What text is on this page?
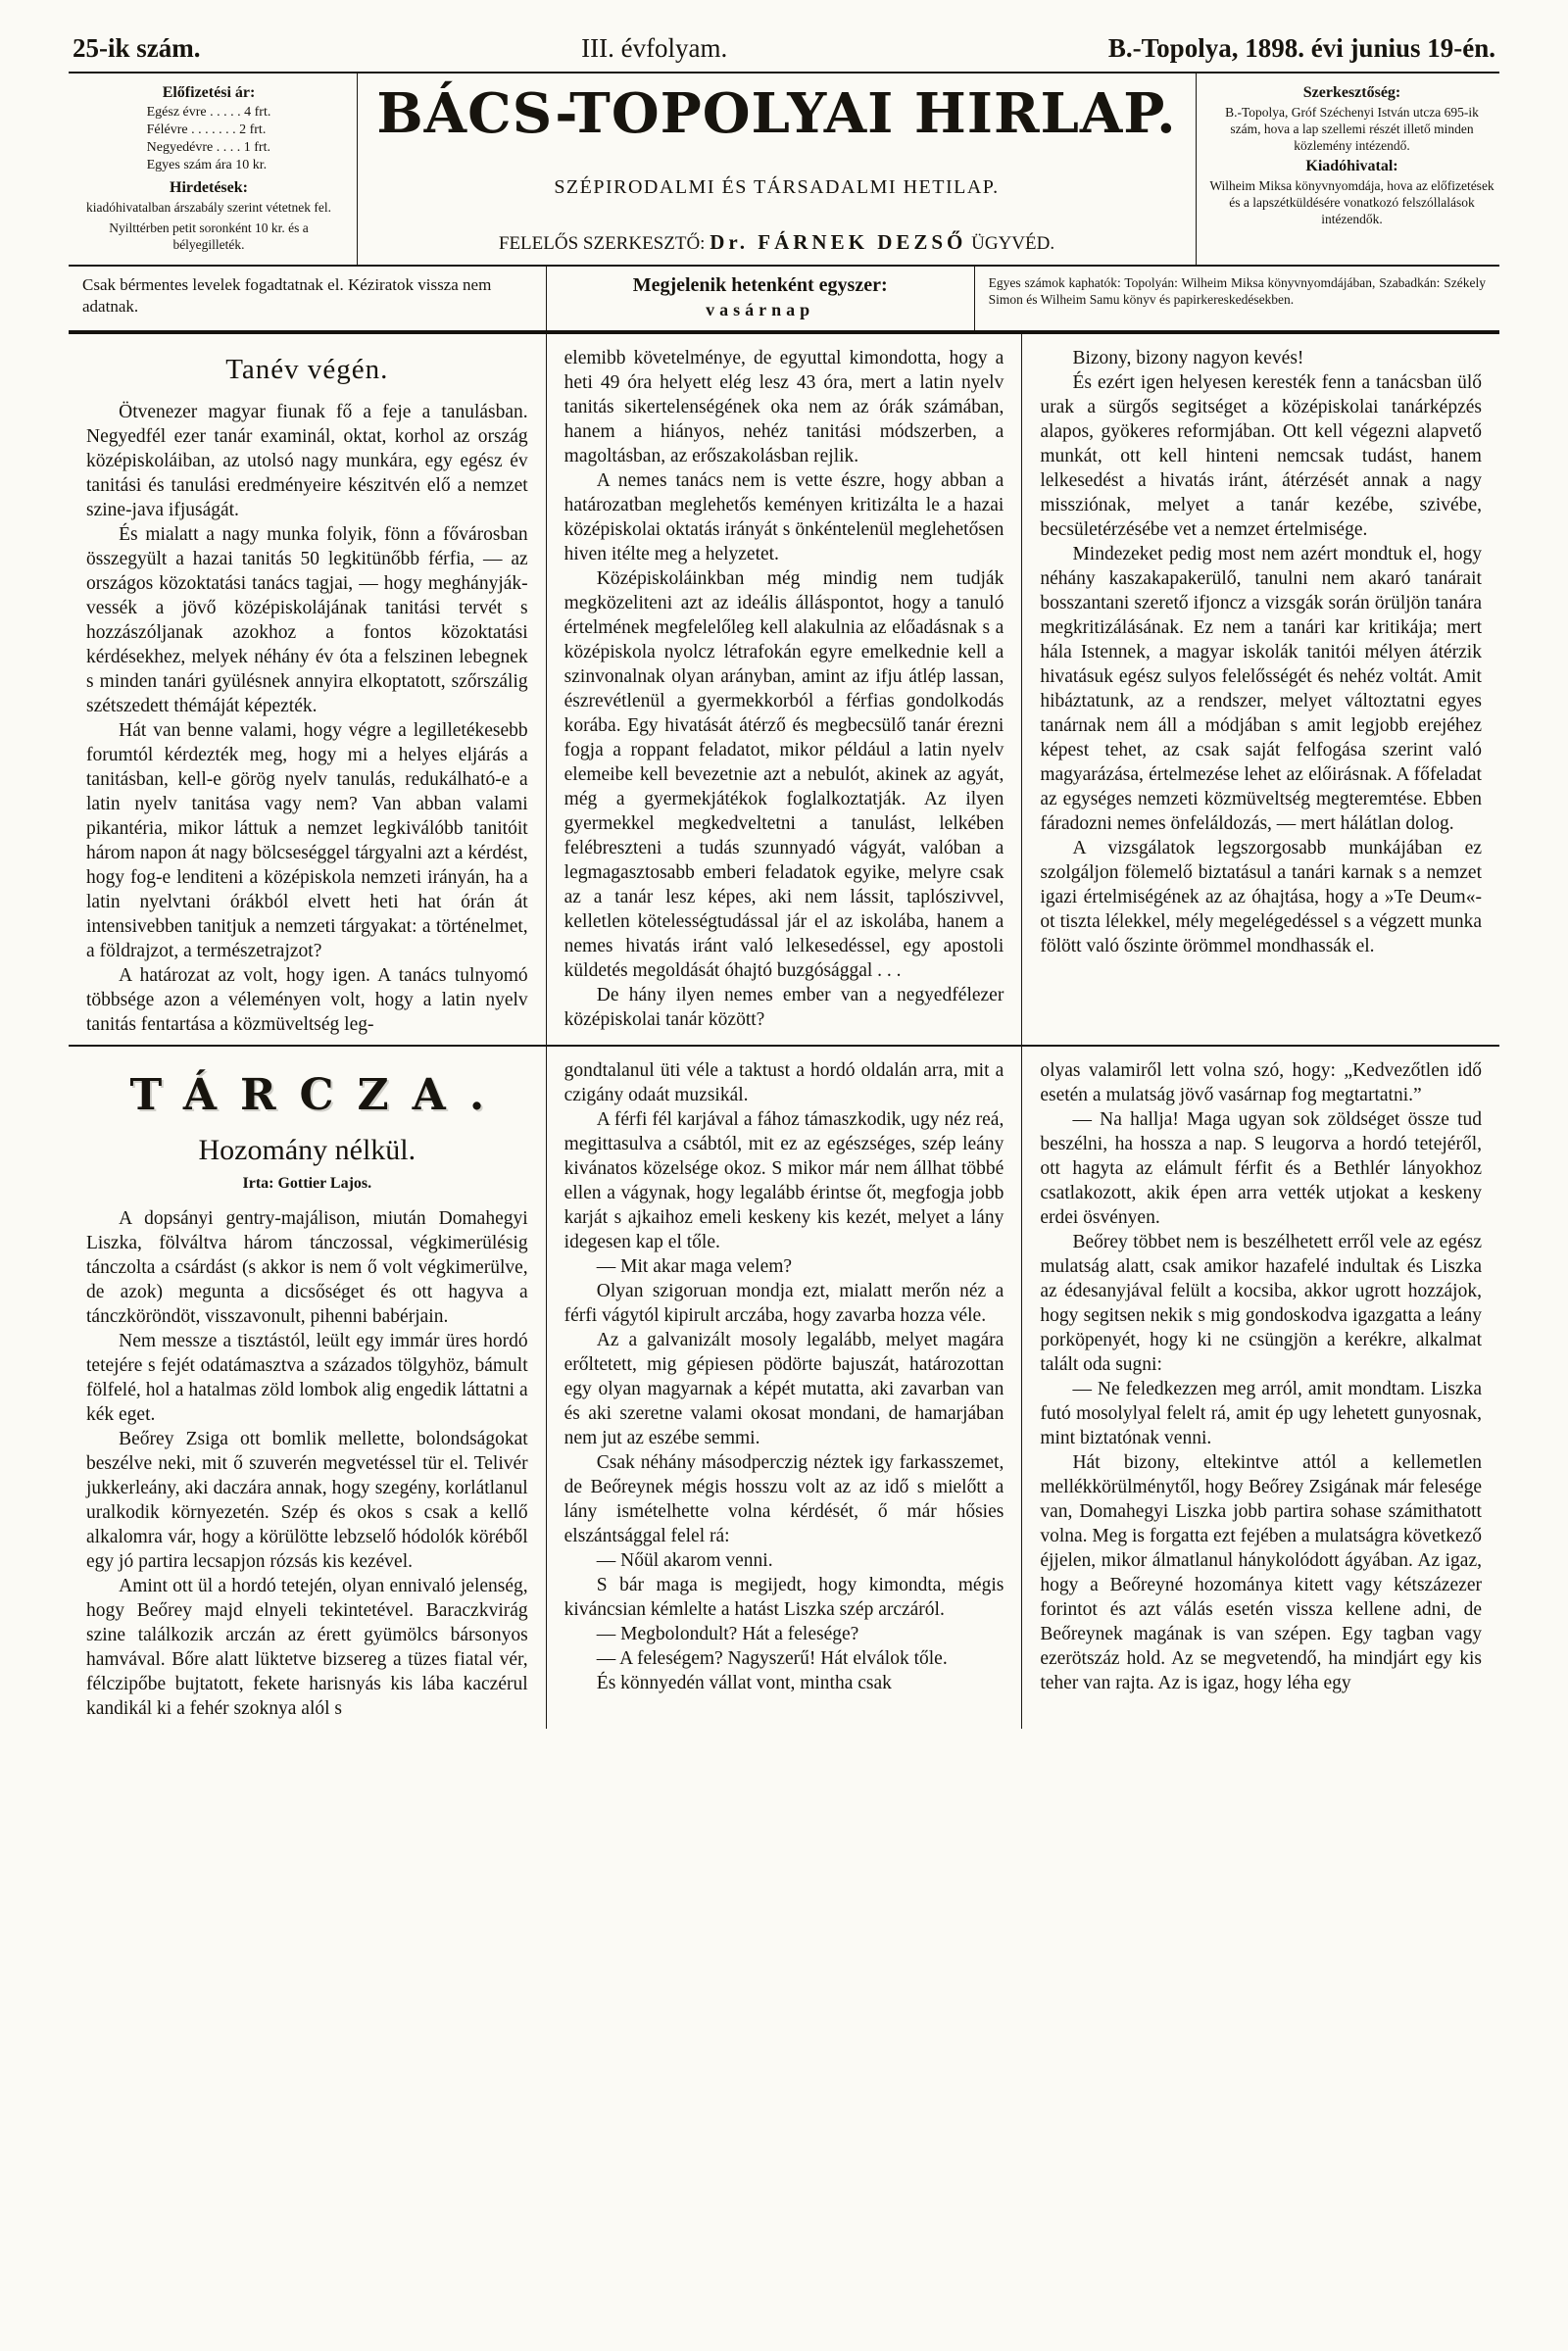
25-ik szám.	III. évfolyam.	B.-Topolya, 1898. évi junius 19-én.
Előfizetési ár:
Egész évre . . . . . 4 frt.
Félévre . . . . . . . 2 frt.
Negyedévre . . . . 1 frt.
Egyes szám ára 10 kr.
Hirdetések:
kiadóhivatalban árszabály szerint vétetnek fel.
Nyilttérben petit soronként 10 kr. és a bélyegilleték.
BÁCS-TOPOLYAI HIRLAP.
SZÉPIRODALMI ÉS TÁRSADALMI HETILAP.
FELELŐS SZERKESZTŐ: Dr. FÁRNEK DEZSŐ ÜGYVÉD.
Szerkesztőség:
B.-Topolya, Gróf Széchenyi István utcza 695-ik szám, hova a lap szellemi részét illető minden közlemény intézendő.
Kiadóhivatal:
Wilheim Miksa könyvnyomdája, hova az előfizetések és a lapszétküldésére vonatkozó felszóllalások intézendők.
Csak bérmentes levelek fogadtatnak el. Kéziratok vissza nem adatnak.
Megjelenik hetenként egyszer:
vasárnap
Egyes számok kaphatók: Topolyán: Wilheim Miksa könyvnyomdájában, Szabadkán: Székely Simon és Wilheim Samu könyv és papirkereskedésekben.
Tanév végén.

Ötvenezer magyar fiunak fő a feje a tanulásban. Negyedfél ezer tanár examinál, oktat, korhol az ország középiskoláiban, az utolsó nagy munkára, egy egész év tanitási és tanulási eredményeire készitvén elő a nemzet szine-java ifjuságát.

És mialatt a nagy munka folyik, fönn a fővárosban összegyült a hazai tanitás 50 legkitünőbb férfia, — az országos közoktatási tanács tagjai, — hogy meghányják-vessék a jövő középiskolájának tanitási tervét s hozzászóljanak azokhoz a fontos közoktatási kérdésekhez, melyek néhány év óta a felszinen lebegnek s minden tanári gyülésnek annyira elkoptatott, szőrszálig szétszedett thémáját képezték.

Hát van benne valami, hogy végre a legilletékesebb forumtól kérdezték meg, hogy mi a helyes eljárás a tanitásban, kell-e görög nyelv tanulás, redukálható-e a latin nyelv tanitása vagy nem? Van abban valami pikantéria, mikor láttuk a nemzet legkiválóbb tanitóit három napon át nagy bölcseséggel tárgyalni azt a kérdést, hogy fog-e lenditeni a középiskola nemzeti irányán, ha a latin nyelvtani órákból elvett heti hat órán át intensivebben tanitjuk a nemzeti tárgyakat: a történelmet, a földrajzot, a természetrajzot?

A határozat az volt, hogy igen. A tanács tulnyomó többsége azon a véleményen volt, hogy a latin nyelv tanitás fentartása a közmüveltség leg-

elemibb követelménye, de egyuttal kimondotta, hogy a heti 49 óra helyett elég lesz 43 óra, mert a latin nyelv tanitás sikertelenségének oka nem az órák számában, hanem a hiányos, nehéz tanitási módszerben, a magoltásban, az erőszakolásban rejlik.

A nemes tanács nem is vette észre, hogy abban a határozatban meglehetős keményen kritizálta le a hazai középiskolai oktatás irányát s önkéntelenül meglehetősen hiven itélte meg a helyzetet.

Középiskoláinkban még mindig nem tudják megközeliteni azt az ideális álláspontot, hogy a tanuló értelmének megfelelőleg kell alakulnia az előadásnak s a középiskola nyolcz létrafokán egyre emelkednie kell a szinvonalnak olyan arányban, amint az ifju átlép lassan, észrevétlenül a gyermekkorból a férfias gondolkodás korába. Egy hivatását átérző és megbecsülő tanár érezni fogja a roppant feladatot, mikor például a latin nyelv elemeibe kell bevezetnie azt a nebulót, akinek az agyát, még a gyermekjátékok foglalkoztatják. Az ilyen gyermekkel megkedveltetni a tanulást, lelkében felébreszteni a tudás szunnyadó vágyát, valóban a legmagasztosabb emberi feladatok egyike, melyre csak az a tanár lesz képes, aki nem lássit, taplószivvel, kelletlen kötelességtudással jár el az iskolába, hanem a nemes hivatás iránt való lelkesedéssel, egy apostoli küldetés megoldását óhajtó buzgósággal . . .

De hány ilyen nemes ember van a negyedfélezer középiskolai tanár között?

Bizony, bizony nagyon kevés!

És ezért igen helyesen keresték fenn a tanácsban ülő urak a sürgős segitséget a középiskolai tanárképzés alapos, gyökeres reformjában. Ott kell végezni alapvető munkát, ott kell hinteni nemcsak tudást, hanem lelkesedést a hivatás iránt, átérzését annak a nagy missziónak, melyet a tanár kezébe, szivébe, becsületérzésébe vet a nemzet értelmisége.

Mindezeket pedig most nem azért mondtuk el, hogy néhány kaszakapakerülő, tanulni nem akaró tanárait bosszantani szerető ifjoncz a vizsgák során örüljön tanára megkritizálásának. Ez nem a tanári kar kritikája; mert hála Istennek, a magyar iskolák tanitói mélyen átérzik hivatásuk egész sulyos felelősségét és nehéz voltát. Amit hibáztatunk, az a rendszer, melyet változtatni egyes tanárnak nem áll a módjában s amit legjobb erejéhez képest tehet, az csak saját felfogása szerint való magyarázása, értelmezése lehet az előirásnak. A főfeladat az egységes nemzeti közmüveltség megteremtése. Ebben fáradozni nemes önfeláldozás, — mert hálátlan dolog.

A vizsgálatok legszorgosabb munkájában ez szolgáljon fölemelő biztatásul a tanári karnak s a nemzet igazi értelmiségének az az óhajtása, hogy a »Te Deum«-ot tiszta lélekkel, mély megelégedéssel s a végzett munka fölött való őszinte örömmel mondhassák el.

TÁRCZA.
Hozomány nélkül.
Irta: Gottier Lajos.

A dopsányi gentry-majálison, miután Domahegyi Liszka, fölváltva három tánczossal, végkimerülésig tánczolta a csárdást (s akkor is nem ő volt végkimerülve, de azok) megunta a dicsőséget és ott hagyva a tánczköröndöt, visszavonult, pihenni babérjain.

Nem messze a tisztástól, leült egy immár üres hordó tetejére s fejét odatámasztva a százados tölgyhöz, bámult fölfelé, hol a hatalmas zöld lombok alig engedik láttatni a kék eget.

Beőrey Zsiga ott bomlik mellette, bolondságokat beszélve neki, mit ő szuverén megvetéssel tür el. Telivér jukkerleány, aki daczára annak, hogy szegény, korlátlanul uralkodik környezetén. Szép és okos s csak a kellő alkalomra vár, hogy a körülötte lebzselő hódolók köréből egy jó partira lecsapjon rózsás kis kezével.

Amint ott ül a hordó tetején, olyan ennivaló jelenség, hogy Beőrey majd elnyeli tekintetével. Baraczkvirág szine találkozik arczán az érett gyümölcs bársonyos hamvával. Bőre alatt lüktetve bizsereg a tüzes fiatal vér, félczipőbe bujtatott, fekete harisnyás kis lába kaczérul kandikál ki a fehér szoknya alól s

gondtalanul üti véle a taktust a hordó oldalán arra, mit a czigány odaát muzsikál.

A férfi fél karjával a fához támaszkodik, ugy néz reá, megittasulva a csábtól, mit ez az egészséges, szép leány kivánatos közelsége okoz. S mikor már nem állhat többé ellen a vágynak, hogy legalább érintse őt, megfogja jobb karját s ajkaihoz emeli keskeny kis kezét, melyet a lány idegesen kap el tőle.

— Mit akar maga velem?

Olyan szigoruan mondja ezt, mialatt merőn néz a férfi vágytól kipirult arczába, hogy zavarba hozza véle.

Az a galvanizált mosoly legalább, melyet magára erőltetett, mig gépiesen pödörte bajuszát, határozottan egy olyan magyarnak a képét mutatta, aki zavarban van és aki szeretne valami okosat mondani, de hamarjában nem jut az eszébe semmi.

Csak néhány másodperczig néztek igy farkasszemet, de Beőreynek mégis hosszu volt az az idő s mielőtt a lány ismételhette volna kérdését, ő már hősies elszántsággal felel rá:

— Nőül akarom venni.

S bár maga is megijedt, hogy kimondta, mégis kiváncsian kémlelte a hatást Liszka szép arczáról.

— Megbolondult? Hát a felesége?

— A feleségem? Nagyszerű! Hát elválok tőle.

És könnyedén vállat vont, mintha csak

olyas valamiről lett volna szó, hogy: „Kedvezőtlen idő esetén a mulatság jövő vasárnap fog megtartatni.”

— Na hallja! Maga ugyan sok zöldséget össze tud beszélni, ha hossza a nap. S leugorva a hordó tetejéről, ott hagyta az elámult férfit és a Bethlér lányokhoz csatlakozott, akik épen arra vették utjokat a keskeny erdei ösvényen.

Beőrey többet nem is beszélhetett erről vele az egész mulatság alatt, csak amikor hazafelé indultak és Liszka az édesanyjával felült a kocsiba, akkor ugrott hozzájok, hogy segitsen nekik s mig gondoskodva igazgatta a leány porköpenyét, hogy ki ne csüngjön a kerékre, alkalmat talált oda sugni:

— Ne feledkezzen meg arról, amit mondtam. Liszka futó mosolylyal felelt rá, amit ép ugy lehetett gunyosnak, mint biztatónak venni.

Hát bizony, eltekintve attól a kellemetlen mellékkörülménytől, hogy Beőrey Zsigának már felesége van, Domahegyi Liszka jobb partira sohase számithatott volna. Meg is forgatta ezt fejében a mulatságra következő éjjelen, mikor álmatlanul hánykolódott ágyában. Az igaz, hogy a Beőreyné hozománya kitett vagy kétszázezer forintot és azt válás esetén vissza kellene adni, de Beőreynek magának is van szépen. Egy tagban vagy ezerötszáz hold. Az se megvetendő, ha mindjárt egy kis teher van rajta. Az is igaz, hogy léha egy
